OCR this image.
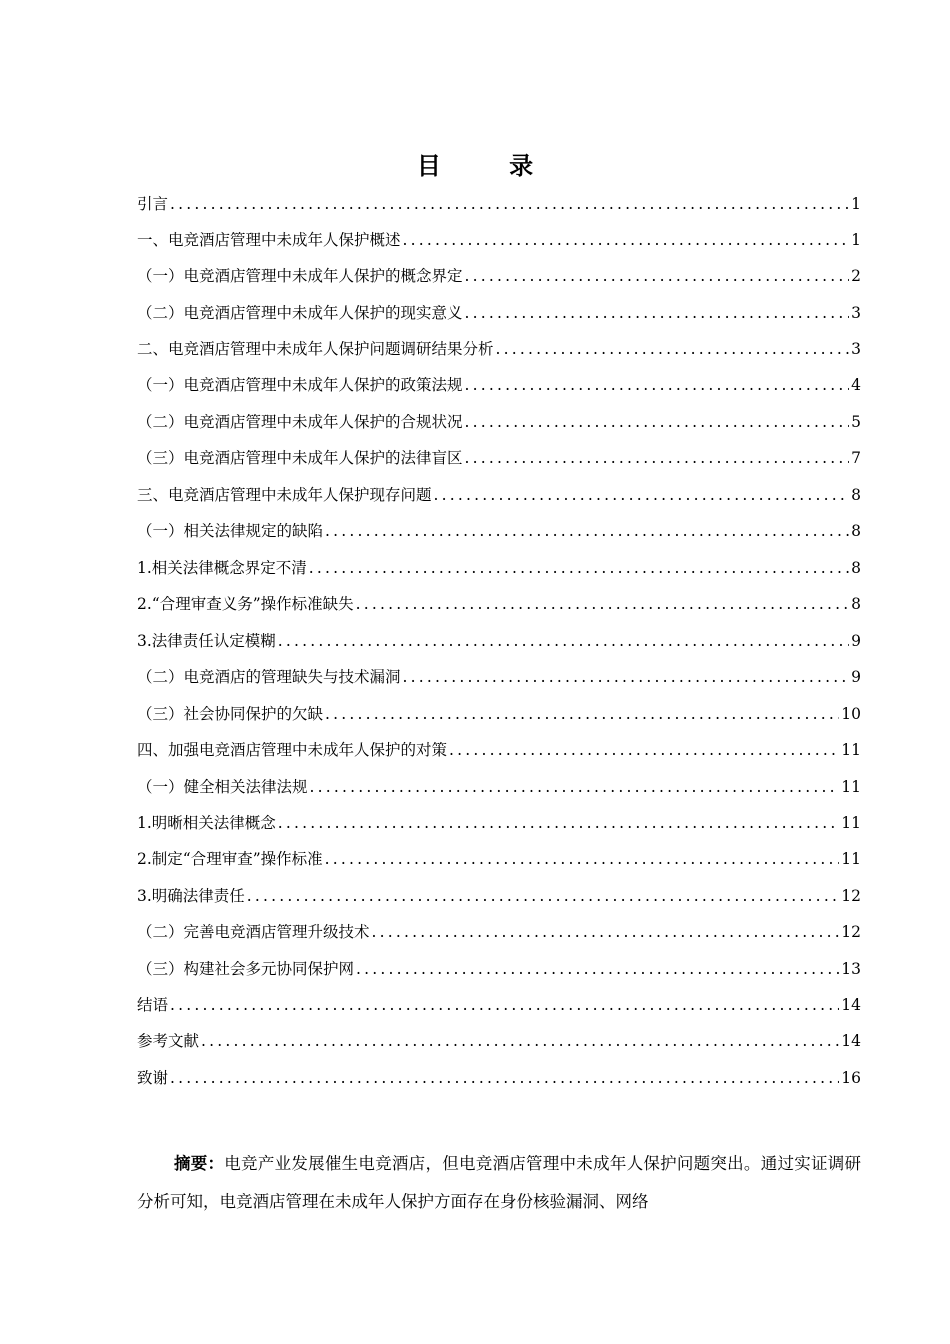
目 录
引言 .....	1
一、电竞酒店管理中未成年人保护概述 .....	1
（一）电竞酒店管理中未成年人保护的概念界定 .....	2
（二）电竞酒店管理中未成年人保护的现实意义 .....	3
二、电竞酒店管理中未成年人保护问题调研结果分析 .....	3
（一）电竞酒店管理中未成年人保护的政策法规 .....	4
（二）电竞酒店管理中未成年人保护的合规状况 .....	5
（三）电竞酒店管理中未成年人保护的法律盲区 .....	7
三、电竞酒店管理中未成年人保护现存问题 .....	8
（一）相关法律规定的缺陷 .....	8
1.相关法律概念界定不清 .....	8
2.“合理审查义务”操作标准缺失 .....	8
3.法律责任认定模糊 .....	9
（二）电竞酒店的管理缺失与技术漏洞 .....	9
（三）社会协同保护的欠缺 .....	10
四、加强电竞酒店管理中未成年人保护的对策 .....	11
（一）健全相关法律法规 .....	11
1.明晰相关法律概念 .....	11
2.制定“合理审查”操作标准 .....	11
3.明确法律责任 .....	12
（二）完善电竞酒店管理升级技术 .....	12
（三）构建社会多元协同保护网 .....	13
结语 .....	14
参考文献 .....	14
致谢 .....	16
摘要：电竞产业发展催生电竞酒店，但电竞酒店管理中未成年人保护问题突出。通过实证调研分析可知，电竞酒店管理在未成年人保护方面存在身份核验漏洞、网络
